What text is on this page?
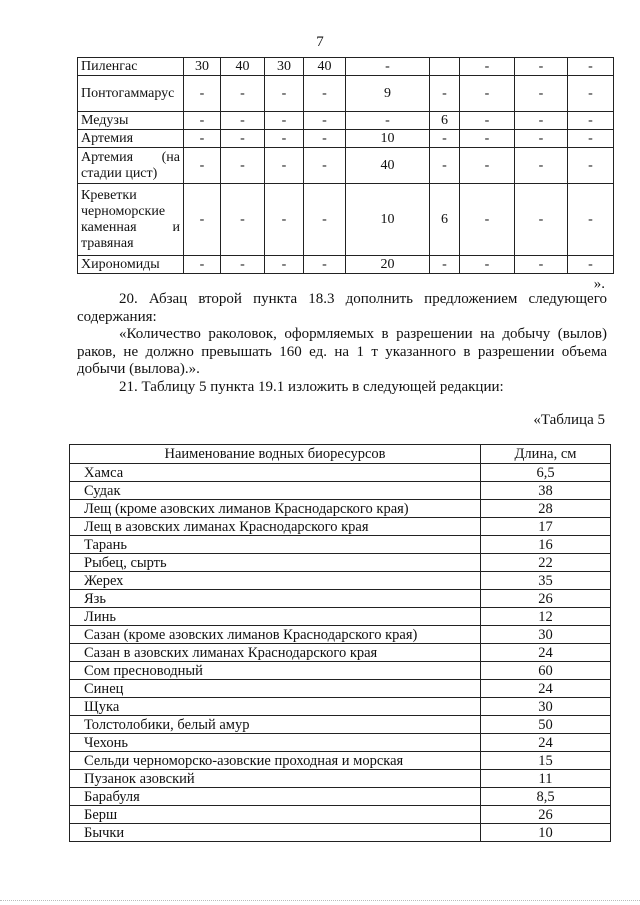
7
Пиленгас	30	40	30	40	-		-	-	-
Понтогаммарус	-	-	-	-	9	-	-	-	-
Медузы	-	-	-	-	-	6	-	-	-
Артемия	-	-	-	-	10	-	-	-	-
Артемия (на стадии цист)	-	-	-	-	40	-	-	-	-
Креветки черноморские каменная и травяная	-	-	-	-	10	6	-	-	-
Хирономиды	-	-	-	-	20	-	-	-	-
».
20. Абзац второй пункта 18.3 дополнить предложением следующего содержания:
«Количество раколовок, оформляемых в разрешении на добычу (вылов) раков, не должно превышать 160 ед. на 1 т указанного в разрешении объема добычи (вылова).».
21. Таблицу 5 пункта 19.1 изложить в следующей редакции:
«Таблица 5
Наименование водных биоресурсов	Длина, см
Хамса	6,5
Судак	38
Лещ (кроме азовских лиманов Краснодарского края)	28
Лещ в азовских лиманах Краснодарского края	17
Тарань	16
Рыбец, сырть	22
Жерех	35
Язь	26
Линь	12
Сазан (кроме азовских лиманов Краснодарского края)	30
Сазан в азовских лиманах Краснодарского края	24
Сом пресноводный	60
Синец	24
Щука	30
Толстолобики, белый амур	50
Чехонь	24
Сельди черноморско-азовские проходная и морская	15
Пузанок азовский	11
Барабуля	8,5
Берш	26
Бычки	10
